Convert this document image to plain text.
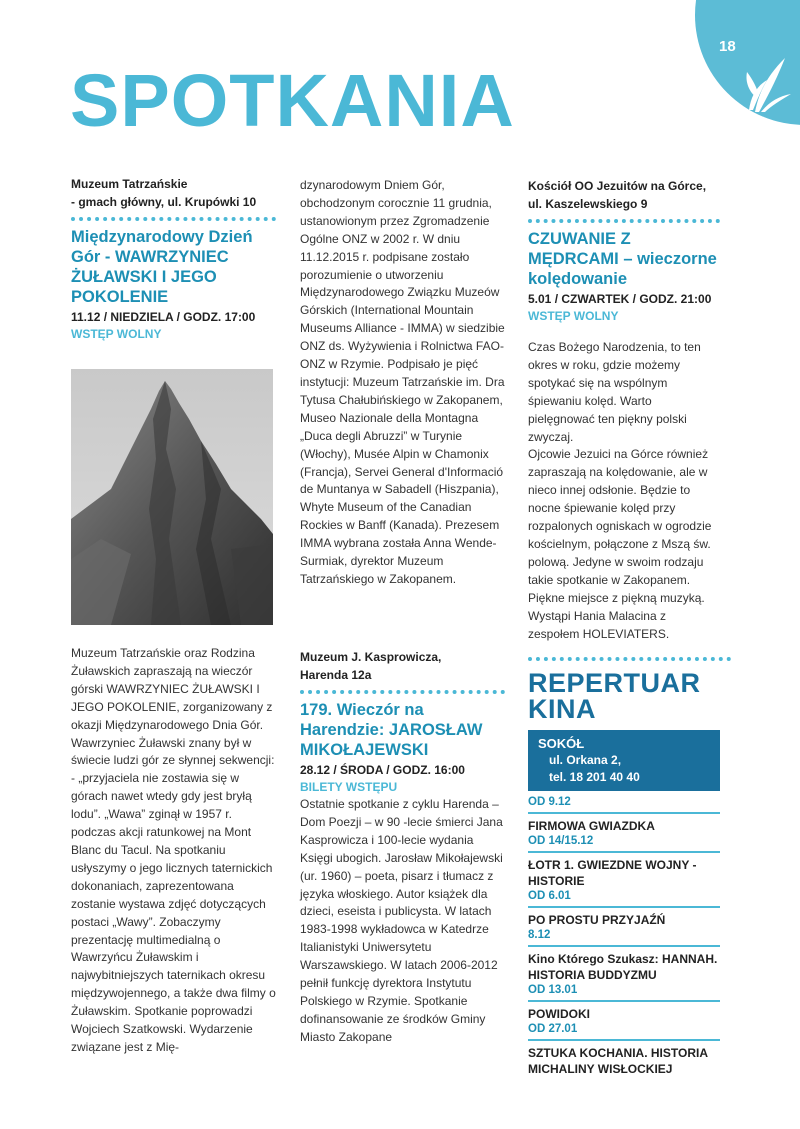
18
SPOTKANIA
Muzeum Tatrzańskie
- gmach główny, ul. Krupówki 10
Międzynarodowy Dzień Gór - WAWRZYNIEC ŻUŁAWSKI I JEGO POKOLENIE
11.12 / NIEDZIELA / GODZ. 17:00
WSTĘP WOLNY
Muzeum Tatrzańskie oraz Rodzina Żuławskich zapraszają na wieczór górski WAWRZYNIEC ŻUŁAWSKI I JEGO POKOLENIE, zorganizowany z okazji Międzynarodowego Dnia Gór.
Wawrzyniec Żuławski znany był w świecie ludzi gór ze słynnej sekwencji: - „przyjaciela nie zostawia się w górach nawet wtedy gdy jest bryłą lodu”. „Wawa” zginął w 1957 r. podczas akcji ratunkowej na Mont Blanc du Tacul. Na spotkaniu usłyszymy o jego licznych taternickich dokonaniach, zaprezentowana zostanie wystawa zdjęć dotyczących postaci „Wawy”. Zobaczymy prezentację multimedialną o Wawrzyńcu Żuławskim i najwybitniejszych taternikach okresu międzywojennego, a także dwa filmy o Żuławskim. Spotkanie poprowadzi Wojciech Szatkowski. Wydarzenie związane jest z Mię-
dzynarodowym Dniem Gór, obchodzonym corocznie 11 grudnia, ustanowionym przez Zgromadzenie Ogólne ONZ w 2002 r. W dniu 11.12.2015 r. podpisane zostało porozumienie o utworzeniu Międzynarodowego Związku Muzeów Górskich (International Mountain Museums Alliance - IMMA) w siedzibie ONZ ds. Wyżywienia i Rolnictwa FAO-ONZ w Rzymie. Podpisało je pięć instytucji: Muzeum Tatrzańskie im. Dra Tytusa Chałubińskiego w Zakopanem, Museo Nazionale della Montagna „Duca degli Abruzzi” w Turynie (Włochy), Musée Alpin w Chamonix (Francja), Servei General d'Informació de Muntanya w Sabadell (Hiszpania), Whyte Museum of the Canadian Rockies w Banff (Kanada). Prezesem IMMA wybrana została Anna Wende-Surmiak, dyrektor Muzeum Tatrzańskiego w Zakopanem.
Muzeum J. Kasprowicza,
Harenda 12a
179. Wieczór na Harendzie: JAROSŁAW MIKOŁAJEWSKI
28.12 / ŚRODA / GODZ. 16:00
BILETY WSTĘPU
Ostatnie spotkanie z cyklu Harenda – Dom Poezji – w 90 -lecie śmierci Jana Kasprowicza i 100-lecie wydania Księgi ubogich. Jarosław Mikołajewski (ur. 1960) – poeta, pisarz i tłumacz z języka włoskiego. Autor książek dla dzieci, eseista i publicysta. W latach 1983-1998 wykładowca w Katedrze Italianistyki Uniwersytetu Warszawskiego. W latach 2006-2012 pełnił funkcję dyrektora Instytutu Polskiego w Rzymie. Spotkanie dofinansowanie ze środków Gminy Miasto Zakopane
Kościół OO Jezuitów na Górce,
ul. Kaszelewskiego 9
CZUWANIE Z MĘDRCAMI – wieczorne kolędowanie
5.01 / CZWARTEK / GODZ. 21:00
WSTĘP WOLNY
Czas Bożego Narodzenia, to ten okres w roku, gdzie możemy spotykać się na wspólnym śpiewaniu kolęd. Warto pielęgnować ten piękny polski zwyczaj.
Ojcowie Jezuici na Górce również zapraszają na kolędowanie, ale w nieco innej odsłonie. Będzie to nocne śpiewanie kolęd przy rozpalonych ogniskach w ogrodzie kościelnym, połączone z Mszą św. polową. Jedyne w swoim rodzaju takie spotkanie w Zakopanem. Piękne miejsce z piękną muzyką. Wystąpi Hania Malacina z zespołem HOLEVIATERS.
REPERTUAR
KINA
SOKÓŁ
ul. Orkana 2,
tel. 18 201 40 40
OD 9.12
FIRMOWA GWIAZDKA
OD 14/15.12
ŁOTR 1. GWIEZDNE WOJNY - HISTORIE
OD 6.01
PO PROSTU PRZYJAŹŃ
8.12
Kino Którego Szukasz: HANNAH. HISTORIA BUDDYZMU
OD 13.01
POWIDOKI
OD 27.01
SZTUKA KOCHANIA. HISTORIA MICHALINY WISŁOCKIEJ
